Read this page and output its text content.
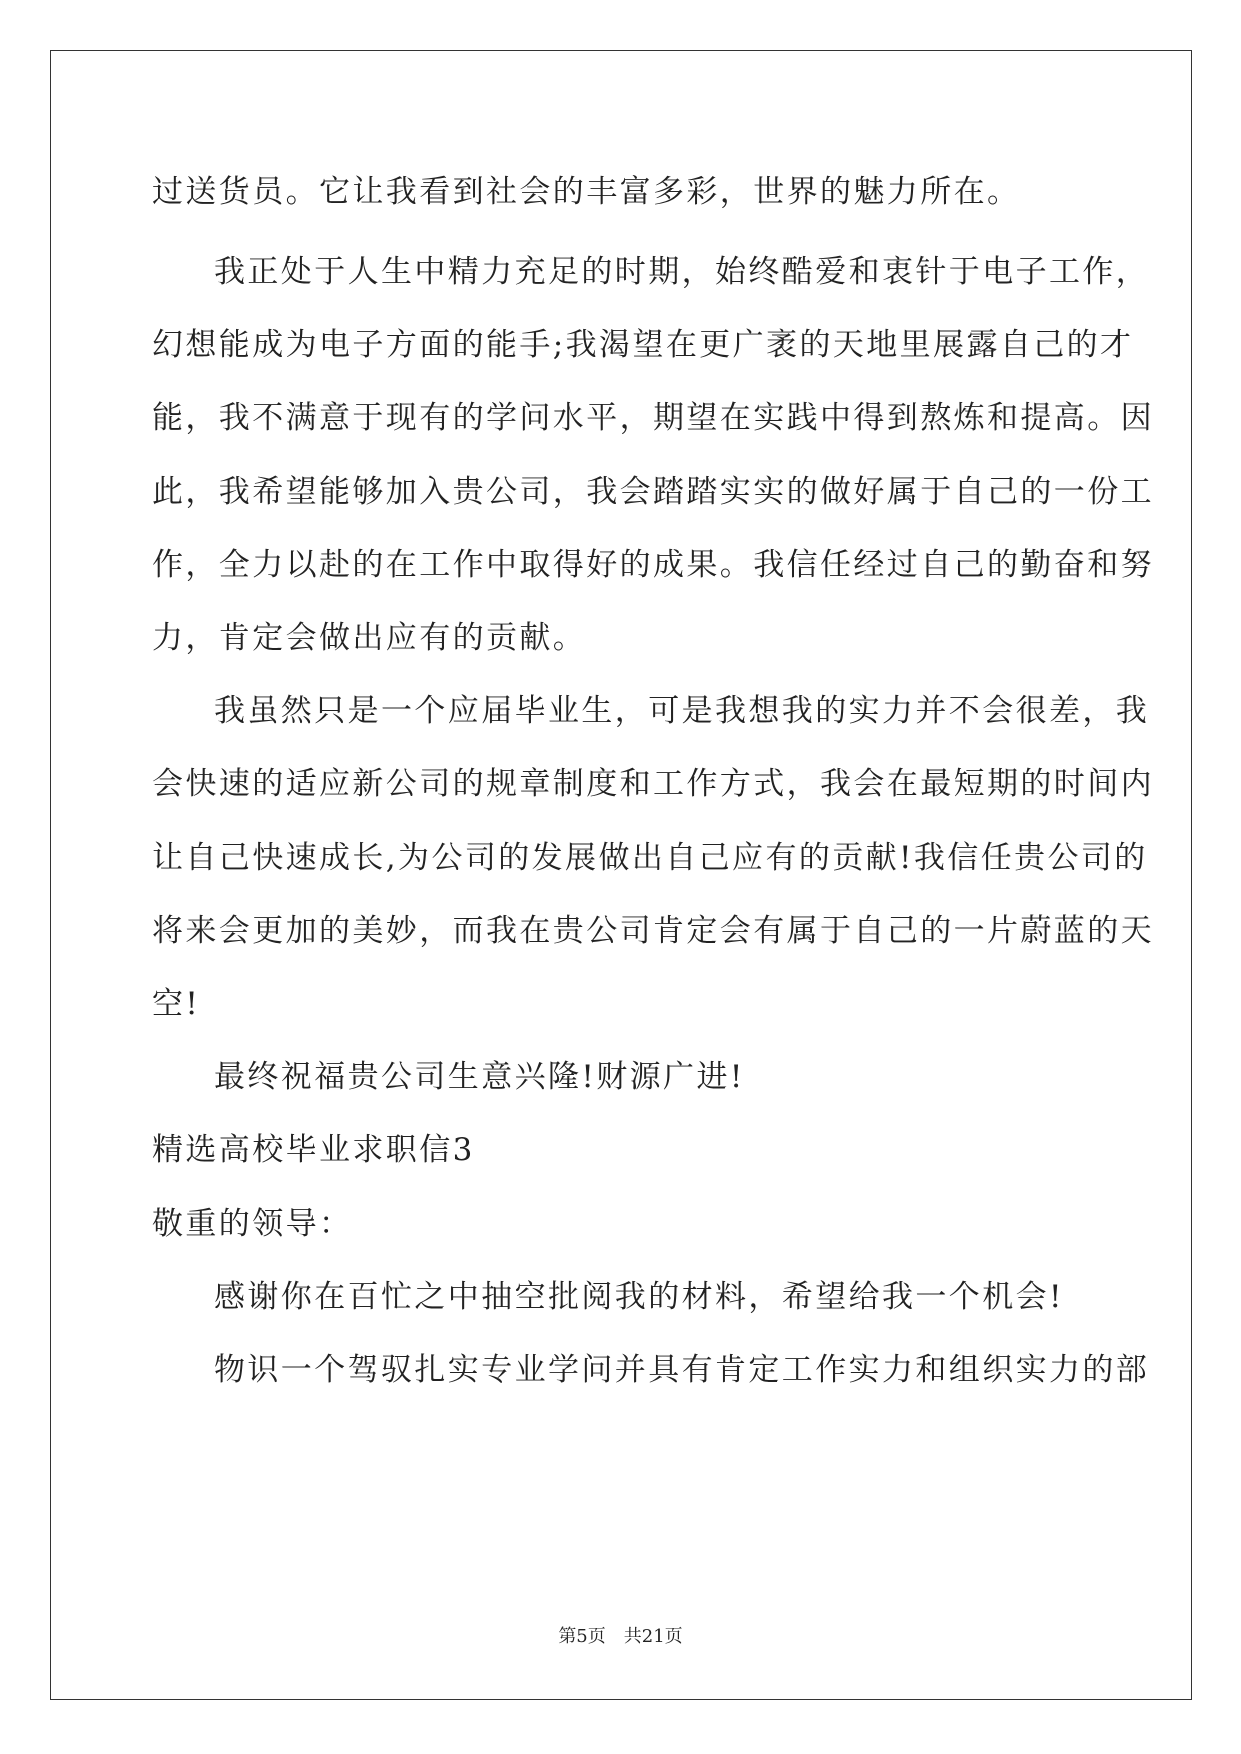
过送货员。它让我看到社会的丰富多彩，世界的魅力所在。
我正处于人生中精力充足的时期，始终酷爱和衷针于电子工作，
幻想能成为电子方面的能手;我渴望在更广袤的天地里展露自己的才
能，我不满意于现有的学问水平，期望在实践中得到熬炼和提高。因
此，我希望能够加入贵公司，我会踏踏实实的做好属于自己的一份工
作，全力以赴的在工作中取得好的成果。我信任经过自己的勤奋和努
力，肯定会做出应有的贡献。
我虽然只是一个应届毕业生，可是我想我的实力并不会很差，我
会快速的适应新公司的规章制度和工作方式，我会在最短期的时间内
让自己快速成长,为公司的发展做出自己应有的贡献!我信任贵公司的
将来会更加的美妙，而我在贵公司肯定会有属于自己的一片蔚蓝的天
空!
最终祝福贵公司生意兴隆!财源广进!
精选高校毕业求职信3
敬重的领导：
感谢你在百忙之中抽空批阅我的材料，希望给我一个机会!
物识一个驾驭扎实专业学问并具有肯定工作实力和组织实力的部
第5页　共21页
